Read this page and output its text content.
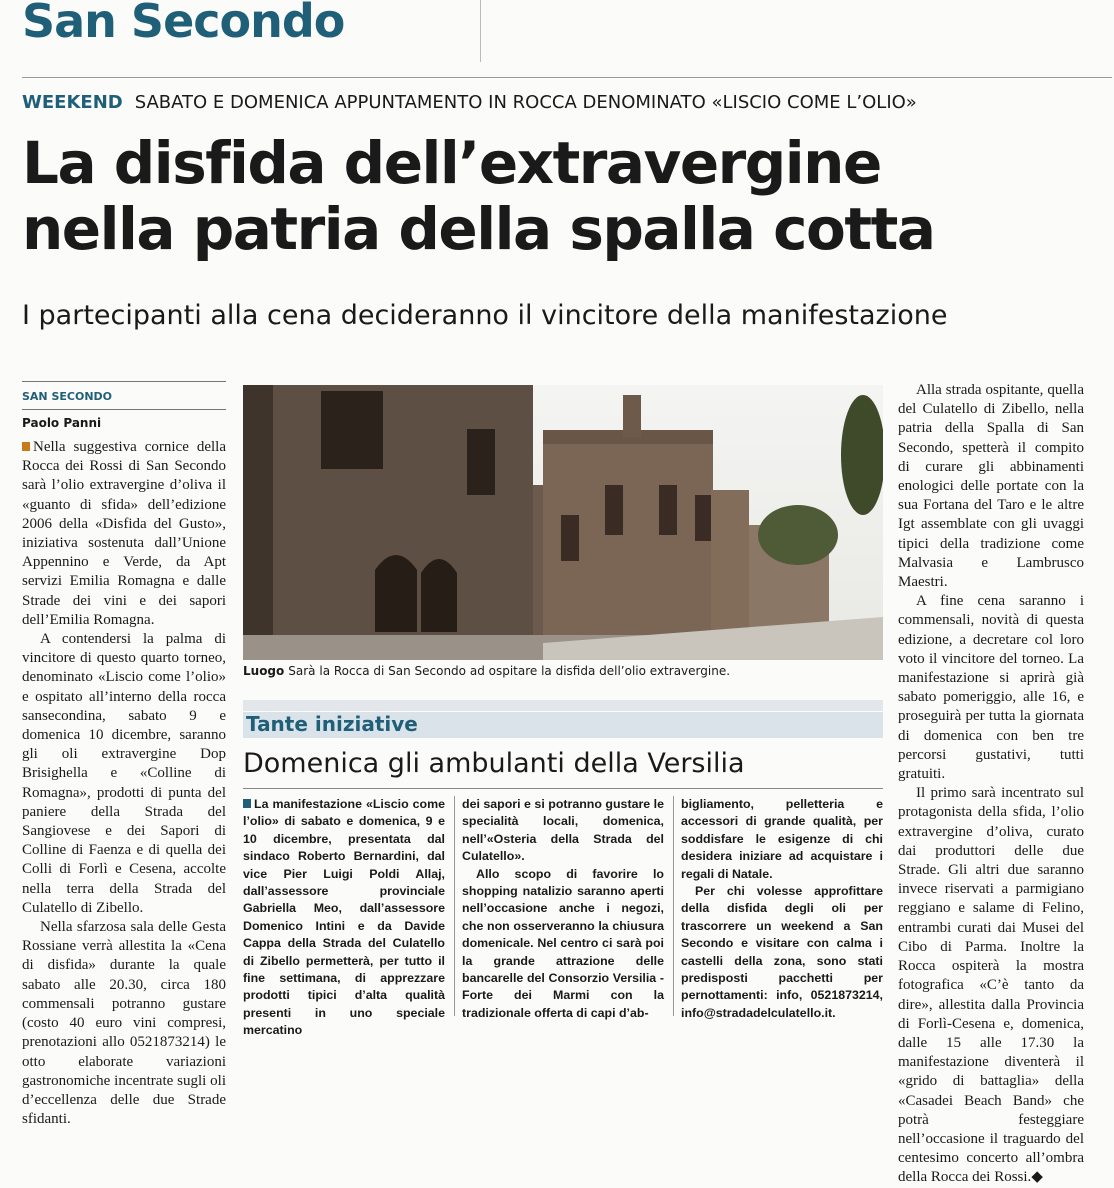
San Secondo
WEEKEND SABATO E DOMENICA APPUNTAMENTO IN ROCCA DENOMINATO «LISCIO COME L’OLIO»
La disfida dell’extravergine
nella patria della spalla cotta
I partecipanti alla cena decideranno il vincitore della manifestazione
SAN SECONDO
Paolo Panni

Nella suggestiva cornice della Rocca dei Rossi di San Secondo sarà l’olio extravergine d’oliva il «guanto di sfida» dell’edizione 2006 della «Disfida del Gusto», iniziativa sostenuta dall’Unione Appennino e Verde, da Apt servizi Emilia Romagna e dalle Strade dei vini e dei sapori dell’Emilia Romagna.

A contendersi la palma di vincitore di questo quarto torneo, denominato «Liscio come l’olio» e ospitato all’interno della rocca sansecondina, sabato 9 e domenica 10 dicembre, saranno gli oli extravergine Dop Brisighella e «Colline di Romagna», prodotti di punta del paniere della Strada del Sangiovese e dei Sapori di Colline di Faenza e di quella dei Colli di Forlì e Cesena, accolte nella terra della Strada del Culatello di Zibello.

Nella sfarzosa sala delle Gesta Rossiane verrà allestita la «Cena di disfida» durante la quale sabato alle 20.30, circa 180 commensali potranno gustare (costo 40 euro vini compresi, prenotazioni allo 0521873214) le otto elaborate variazioni gastronomiche incentrate sugli oli d’eccellenza delle due Strade sfidanti.

Luogo Sarà la Rocca di San Secondo ad ospitare la disfida dell’olio extravergine.
Tante iniziative
Domenica gli ambulanti della Versilia

La manifestazione «Liscio come l’olio» di sabato e domenica, 9 e 10 dicembre, presentata dal sindaco Roberto Bernardini, dal vice Pier Luigi Poldi Allaj, dall’assessore provinciale Gabriella Meo, dall’assessore Domenico Intini e da Davide Cappa della Strada del Culatello di Zibello permetterà, per tutto il fine settimana, di apprezzare prodotti tipici d’alta qualità presenti in uno speciale mercatino

dei sapori e si potranno gustare le specialità locali, domenica, nell’«Osteria della Strada del Culatello».

Allo scopo di favorire lo shopping natalizio saranno aperti nell’occasione anche i negozi, che non osserveranno la chiusura domenicale. Nel centro ci sarà poi la grande attrazione delle bancarelle del Consorzio Versilia - Forte dei Marmi con la tradizionale offerta di capi d’ab-

bigliamento, pelletteria e accessori di grande qualità, per soddisfare le esigenze di chi desidera iniziare ad acquistare i regali di Natale.

Per chi volesse approfittare della disfida degli oli per trascorrere un weekend a San Secondo e visitare con calma i castelli della zona, sono stati predisposti pacchetti per pernottamenti: info, 0521873214, info@stradadelculatello.it.

Alla strada ospitante, quella del Culatello di Zibello, nella patria della Spalla di San Secondo, spetterà il compito di curare gli abbinamenti enologici delle portate con la sua Fortana del Taro e le altre Igt assemblate con gli uvaggi tipici della tradizione come Malvasia e Lambrusco Maestri.

A fine cena saranno i commensali, novità di questa edizione, a decretare col loro voto il vincitore del torneo. La manifestazione si aprirà già sabato pomeriggio, alle 16, e proseguirà per tutta la giornata di domenica con ben tre percorsi gustativi, tutti gratuiti.

Il primo sarà incentrato sul protagonista della sfida, l’olio extravergine d’oliva, curato dai produttori delle due Strade. Gli altri due saranno invece riservati a parmigiano reggiano e salame di Felino, entrambi curati dai Musei del Cibo di Parma. Inoltre la Rocca ospiterà la mostra fotografica «C’è tanto da dire», allestita dalla Provincia di Forlì-Cesena e, domenica, dalle 15 alle 17.30 la manifestazione diventerà il «grido di battaglia» della «Casadei Beach Band» che potrà festeggiare nell’occasione il traguardo del centesimo concerto all’ombra della Rocca dei Rossi.◆
